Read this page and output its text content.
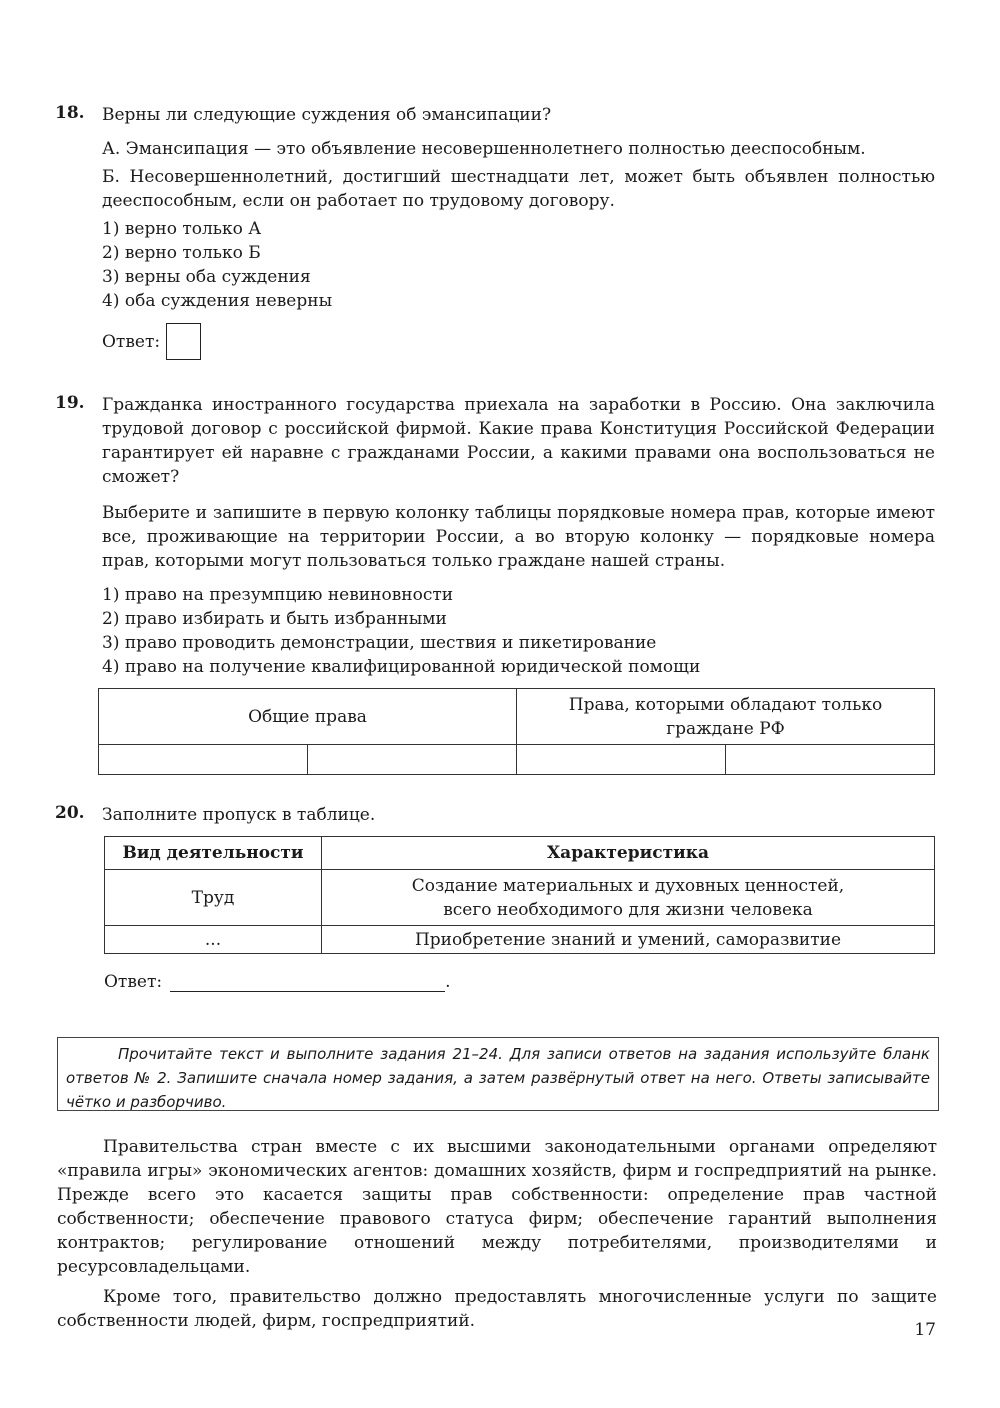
18. Верны ли следующие суждения об эмансипации?

А. Эмансипация — это объявление несовершеннолетнего полностью дееспособным.

Б. Несовершеннолетний, достигший шестнадцати лет, может быть объявлен полностью дееспособным, если он работает по трудовому договору.

1) верно только А

2) верно только Б

3) верны оба суждения

4) оба суждения неверны

Ответ:
19. Гражданка иностранного государства приехала на заработки в Россию. Она заключила трудовой договор с российской фирмой. Какие права Конституция Российской Федерации гарантирует ей наравне с гражданами России, а какими правами она воспользоваться не сможет?

Выберите и запишите в первую колонку таблицы порядковые номера прав, которые имеют все, проживающие на территории России, а во вторую колонку — порядковые номера прав, которыми могут пользоваться только граждане нашей страны.

1) право на презумпцию невиновности

2) право избирать и быть избранными

3) право проводить демонстрации, шествия и пикетирование

4) право на получение квалифицированной юридической помощи

Общие права		Права, которыми обладают только граждане РФ	

20. Заполните пропуск в таблице.

Вид деятельности	Характеристика
Труд	Создание материальных и духовных ценностей, всего необходимого для жизни человека
...	Приобретение знаний и умений, саморазвитие
Ответ:	.
Прочитайте текст и выполните задания 21–24. Для записи ответов на задания используйте бланк ответов № 2. Запишите сначала номер задания, а затем развёрнутый ответ на него. Ответы записывайте чётко и разборчиво.

Правительства стран вместе с их высшими законодательными органами определяют «правила игры» экономических агентов: домашних хозяйств, фирм и госпредприятий на рынке. Прежде всего это касается защиты прав собственности: определение прав частной собственности; обеспечение правового статуса фирм; обеспечение гарантий выполнения контрактов; регулирование отношений между потребителями, производителями и ресурсовладельцами.

Кроме того, правительство должно предоставлять многочисленные услуги по защите собственности людей, фирм, госпредприятий.	17
